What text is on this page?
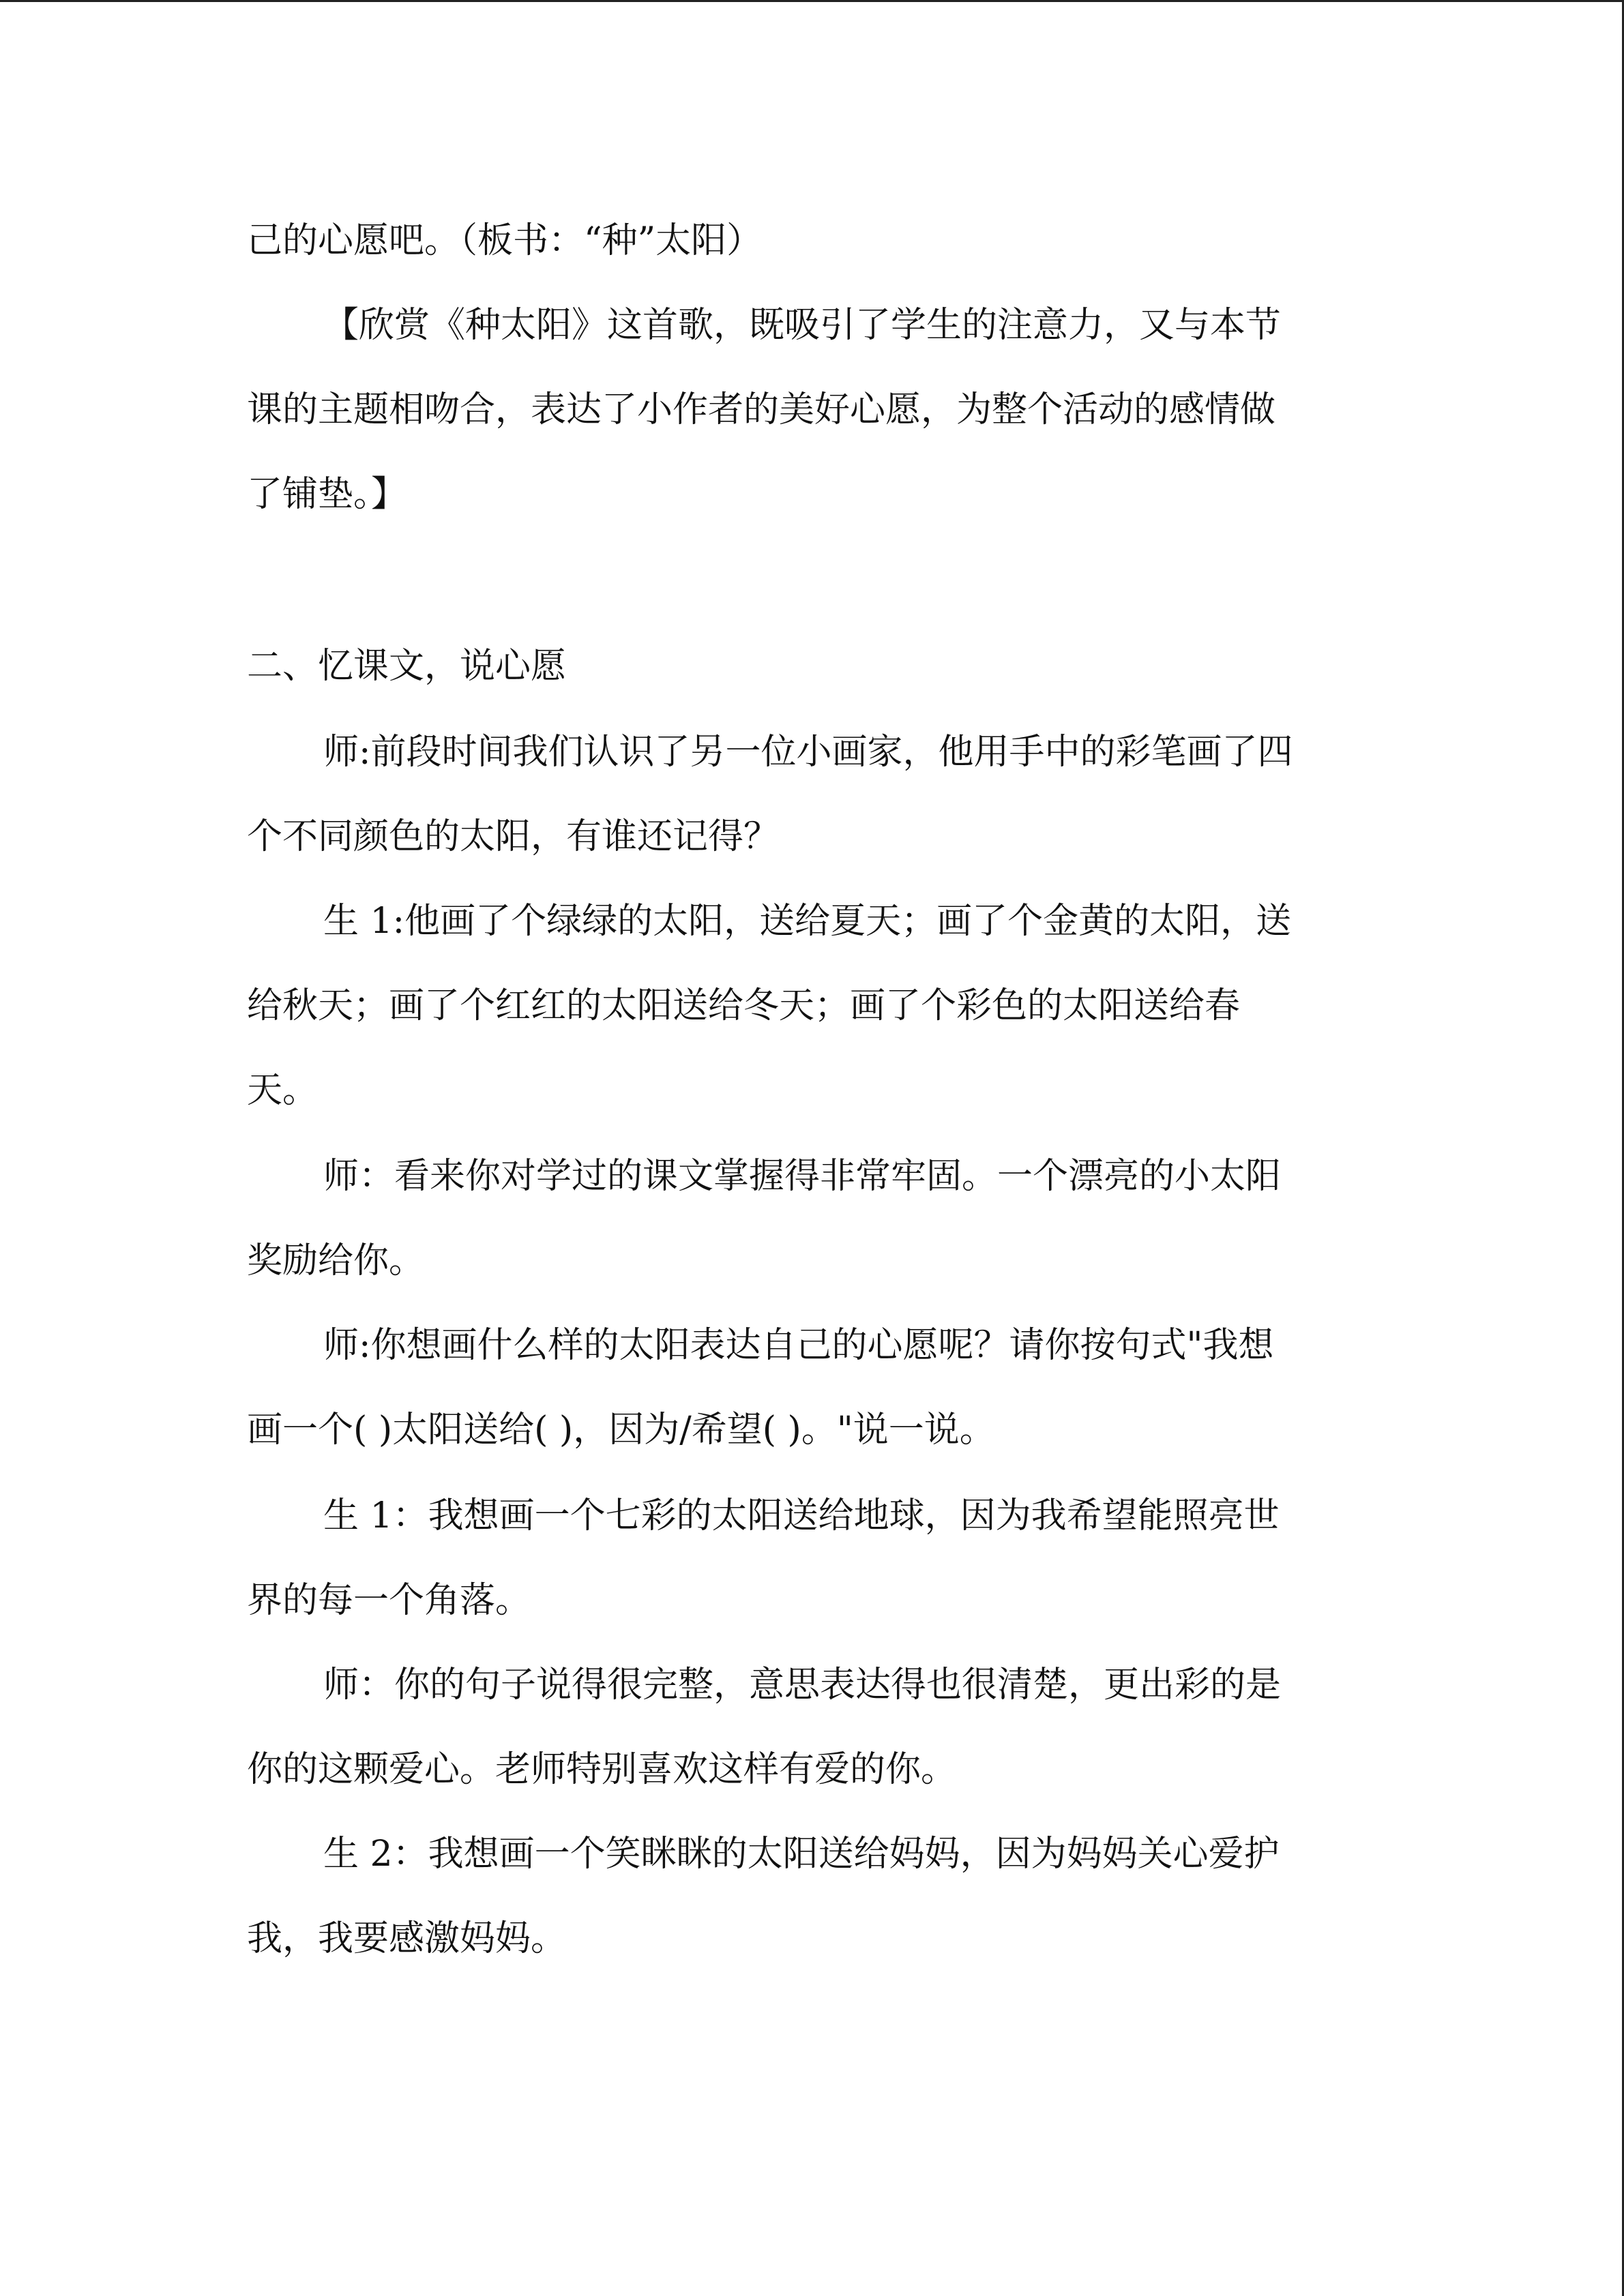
己的心愿吧。（板书：“种”太阳）

【欣赏《种太阳》这首歌，既吸引了学生的注意力，又与本节

课的主题相吻合，表达了小作者的美好心愿，为整个活动的感情做

了铺垫。】

二、忆课文，说心愿

师:前段时间我们认识了另一位小画家，他用手中的彩笔画了四

个不同颜色的太阳，有谁还记得？

生 1:他画了个绿绿的太阳，送给夏天；画了个金黄的太阳，送

给秋天；画了个红红的太阳送给冬天；画了个彩色的太阳送给春

天。

师：看来你对学过的课文掌握得非常牢固。一个漂亮的小太阳

奖励给你。

师:你想画什么样的太阳表达自己的心愿呢？请你按句式"我想

画一个( )太阳送给( )，因为/希望( )。"说一说。

生 1：我想画一个七彩的太阳送给地球，因为我希望能照亮世

界的每一个角落。

师：你的句子说得很完整，意思表达得也很清楚，更出彩的是

你的这颗爱心。老师特别喜欢这样有爱的你。

生 2：我想画一个笑眯眯的太阳送给妈妈，因为妈妈关心爱护

我，我要感激妈妈。
